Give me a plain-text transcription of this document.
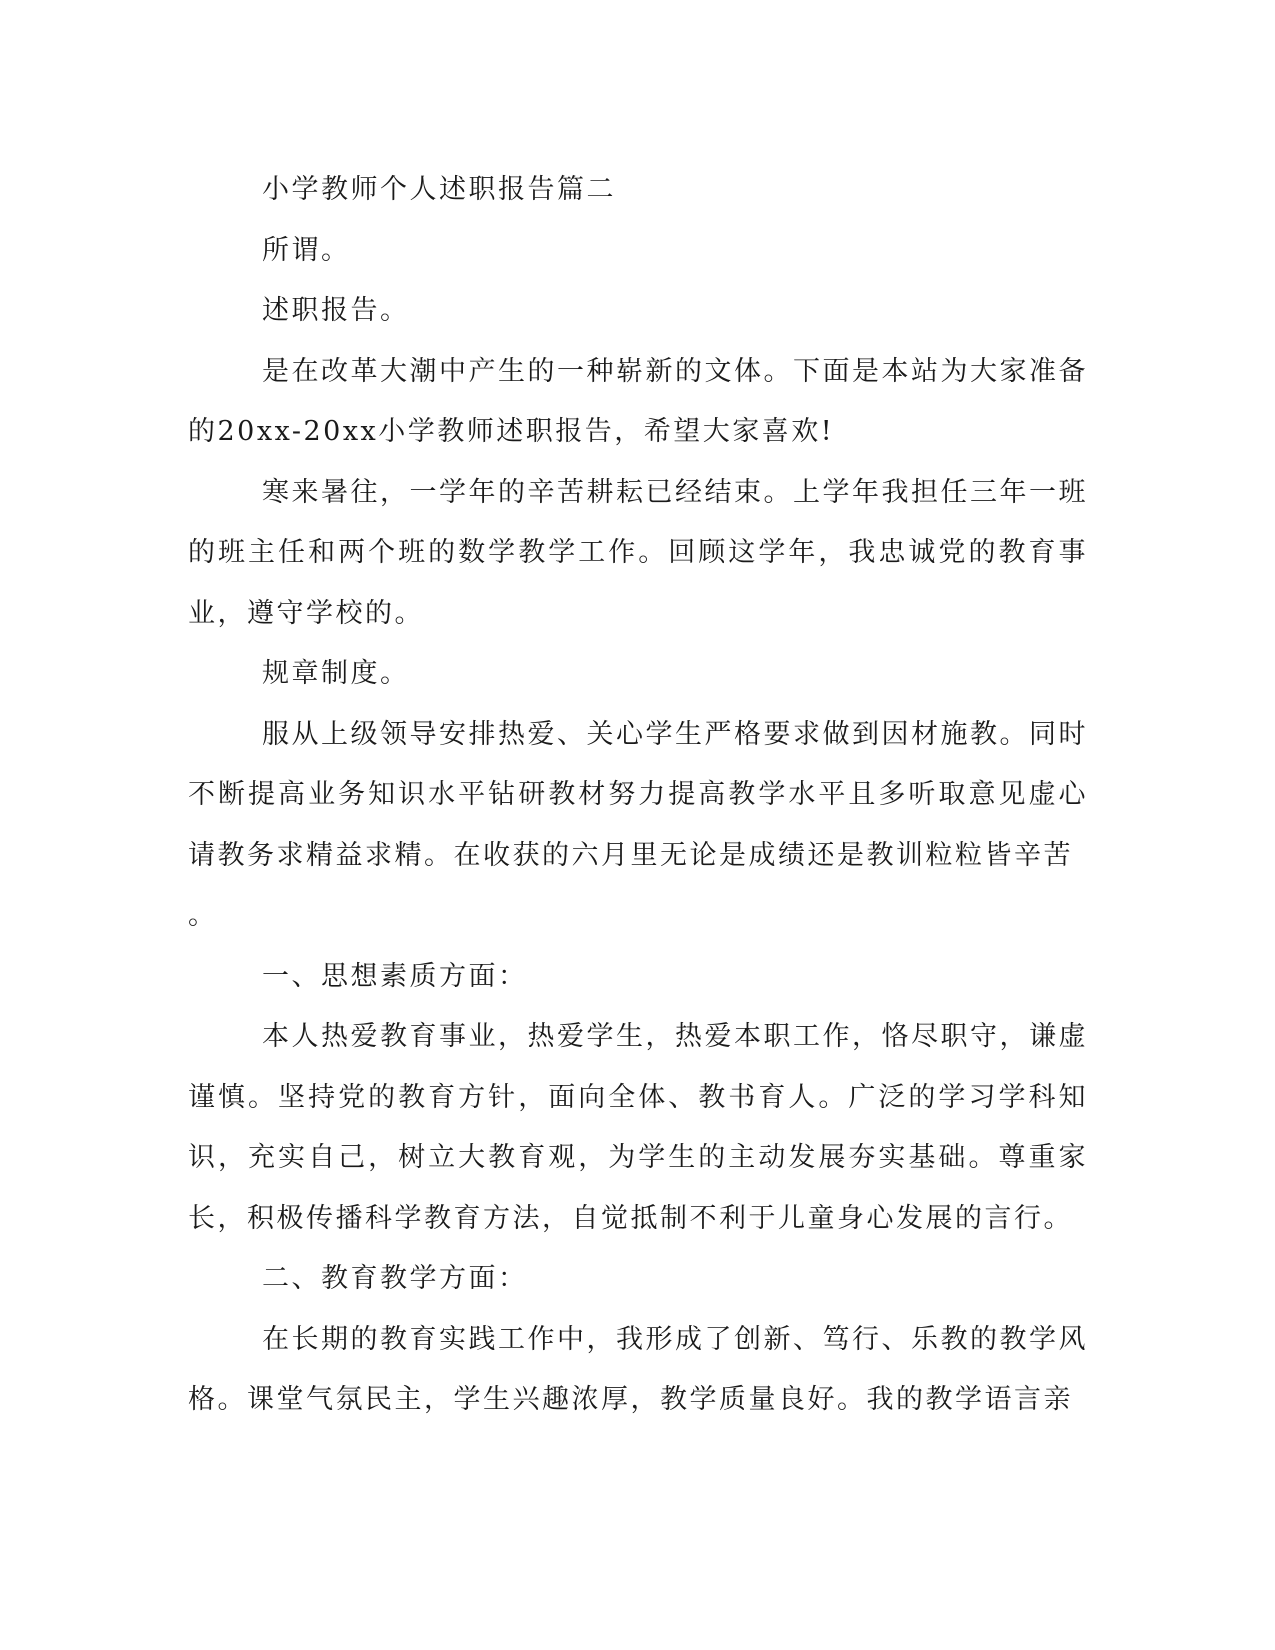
小学教师个人述职报告篇二

所谓。

述职报告。

是在改革大潮中产生的一种崭新的文体。下面是本站为大家准备的20xx-20xx小学教师述职报告，希望大家喜欢!

寒来暑往，一学年的辛苦耕耘已经结束。上学年我担任三年一班的班主任和两个班的数学教学工作。回顾这学年，我忠诚党的教育事业，遵守学校的。

规章制度。

服从上级领导安排热爱、关心学生严格要求做到因材施教。同时不断提高业务知识水平钻研教材努力提高教学水平且多听取意见虚心请教务求精益求精。在收获的六月里无论是成绩还是教训粒粒皆辛苦

。

一、思想素质方面：

本人热爱教育事业，热爱学生，热爱本职工作，恪尽职守，谦虚谨慎。坚持党的教育方针，面向全体、教书育人。广泛的学习学科知识，充实自己，树立大教育观，为学生的主动发展夯实基础。尊重家长，积极传播科学教育方法，自觉抵制不利于儿童身心发展的言行。

二、教育教学方面：

在长期的教育实践工作中，我形成了创新、笃行、乐教的教学风格。课堂气氛民主，学生兴趣浓厚，教学质量良好。我的教学语言亲
